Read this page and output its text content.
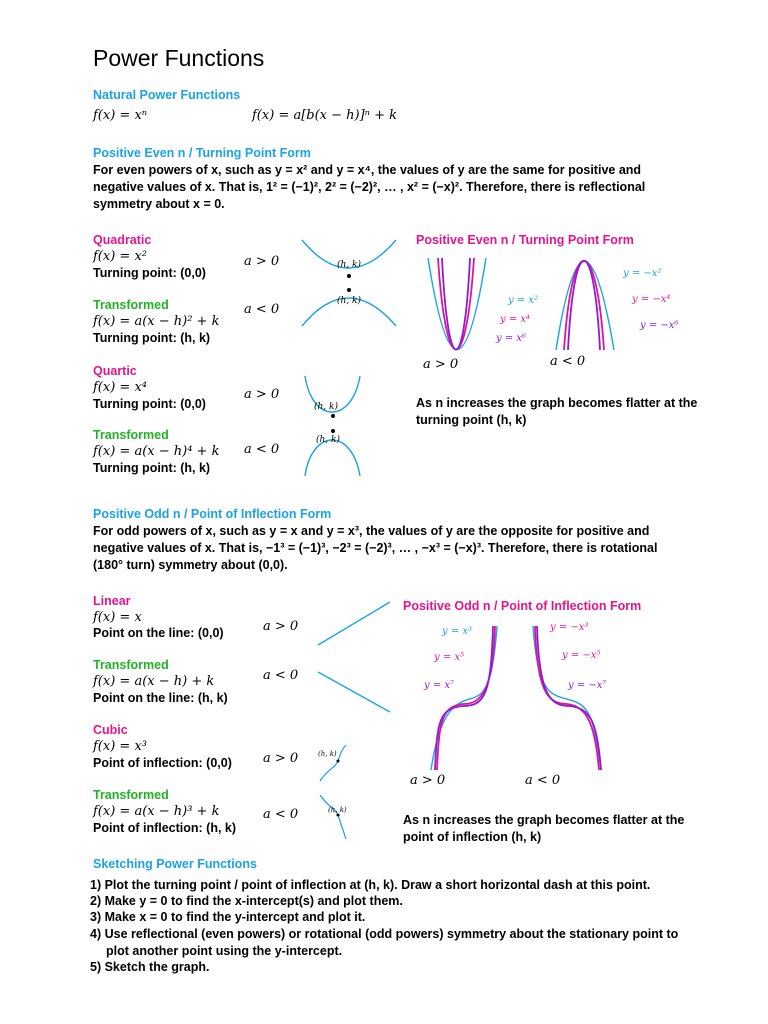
Power Functions
Natural Power Functions
f(x) = xⁿ	f(x) = a[b(x − h)]ⁿ + k
Positive Even n / Turning Point Form
For even powers of x, such as y = x² and y = x⁴, the values of y are the same for positive and negative values of x. That is, 1² = (−1)², 2² = (−2)², … , x² = (−x)². Therefore, there is reflectional symmetry about x = 0.
Quadratic
f(x) = x²
Turning point: (0,0)
Transformed
f(x) = a(x − h)² + k
Turning point: (h, k)
Quartic
f(x) = x⁴
Turning point: (0,0)
Transformed
f(x) = a(x − h)⁴ + k
Turning point: (h, k)
a > 0
a < 0
a > 0
a < 0
(h, k)
(h, k)
(h, k)
(h, k)
Positive Even n / Turning Point Form
y = x²
y = x⁴
y = x⁶
y = −x²
y = −x⁴
y = −x⁶
a > 0	a < 0
As n increases the graph becomes flatter at the turning point (h, k)
Positive Odd n / Point of Inflection Form
For odd powers of x, such as y = x and y = x³, the values of y are the opposite for positive and negative values of x. That is, −1³ = (−1)³, −2³ = (−2)³, … , −x³ = (−x)³. Therefore, there is rotational (180° turn) symmetry about (0,0).
Linear
f(x) = x
Point on the line: (0,0)
Transformed
f(x) = a(x − h) + k
Point on the line: (h, k)
Cubic
f(x) = x³
Point of inflection: (0,0)
Transformed
f(x) = a(x − h)³ + k
Point of inflection: (h, k)
a > 0
a < 0
a > 0
a < 0
(h, k)
(h, k)
Positive Odd n / Point of Inflection Form
y = x³
y = x⁵
y = x⁷
y = −x³
y = −x⁵
y = −x⁷
a > 0	a < 0
As n increases the graph becomes flatter at the point of inflection (h, k)
Sketching Power Functions
1) Plot the turning point / point of inflection at (h, k). Draw a short horizontal dash at this point.
2) Make y = 0 to find the x-intercept(s) and plot them.
3) Make x = 0 to find the y-intercept and plot it.
4) Use reflectional (even powers) or rotational (odd powers) symmetry about the stationary point to
plot another point using the y-intercept.
5) Sketch the graph.
